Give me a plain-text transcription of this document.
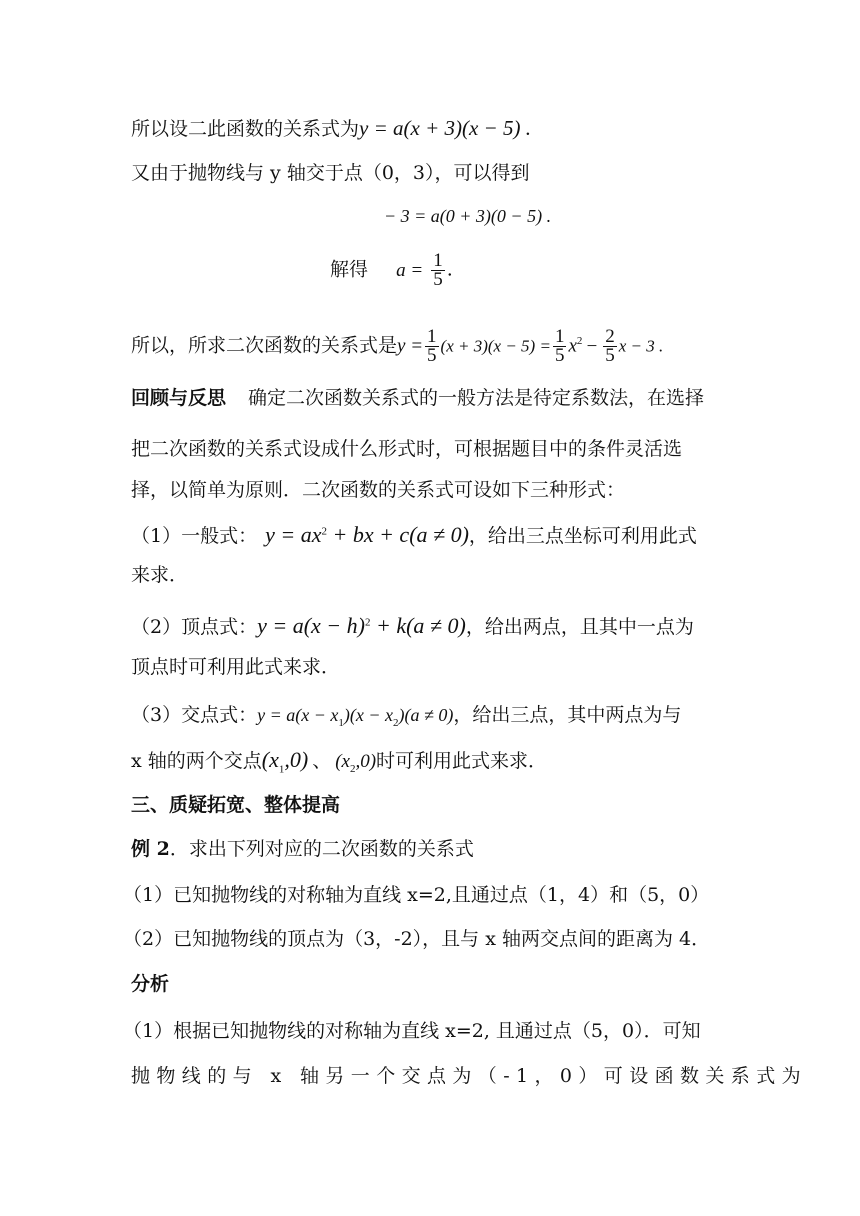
所以设二此函数的关系式为y = a(x + 3)(x − 5) .
又由于抛物线与 y 轴交于点（0，3），可以得到
− 3 = a(0 + 3)(0 − 5) .
解得 $a = \frac{1}{5}$ .
所以，所求二次函数的关系式是$y = \frac{1}{5} (x + 3)(x - 5) = \frac{1}{5} x^2 - \frac{2}{5}$ x − 3 .
回顾与反思 确定二次函数关系式的一般方法是待定系数法，在选择
把二次函数的关系式设成什么形式时，可根据题目中的条件灵活选
择，以简单为原则．二次函数的关系式可设如下三种形式：
（1）一般式： $y = ax^2$ + bx + c(a ≠ 0)，给出三点坐标可利用此式
来求．
（2）顶点式：$y = a(x - h)^2 + k(a \ne 0)$，给出两点，且其中一点为
顶点时可利用此式来求．
（3）交点式：$y = a(x - x_1)(x - x_2)(a \ne 0)$，给出三点，其中两点为与
x 轴的两个交点$(x_1,0)$ 、 $(x_2,0)$时可利用此式来求．
三、质疑拓宽、整体提高
例 2．求出下列对应的二次函数的关系式
（1）已知抛物线的对称轴为直线 x=2,且通过点（1，4）和（5，0）
（2）已知抛物线的顶点为（3，-2），且与 x 轴两交点间的距离为 4．
分析
（1）根据已知抛物线的对称轴为直线 x=2, 且通过点（5，0）．可知
抛物线的与 x 轴另一个交点为（-1，0）可设函数关系式为
